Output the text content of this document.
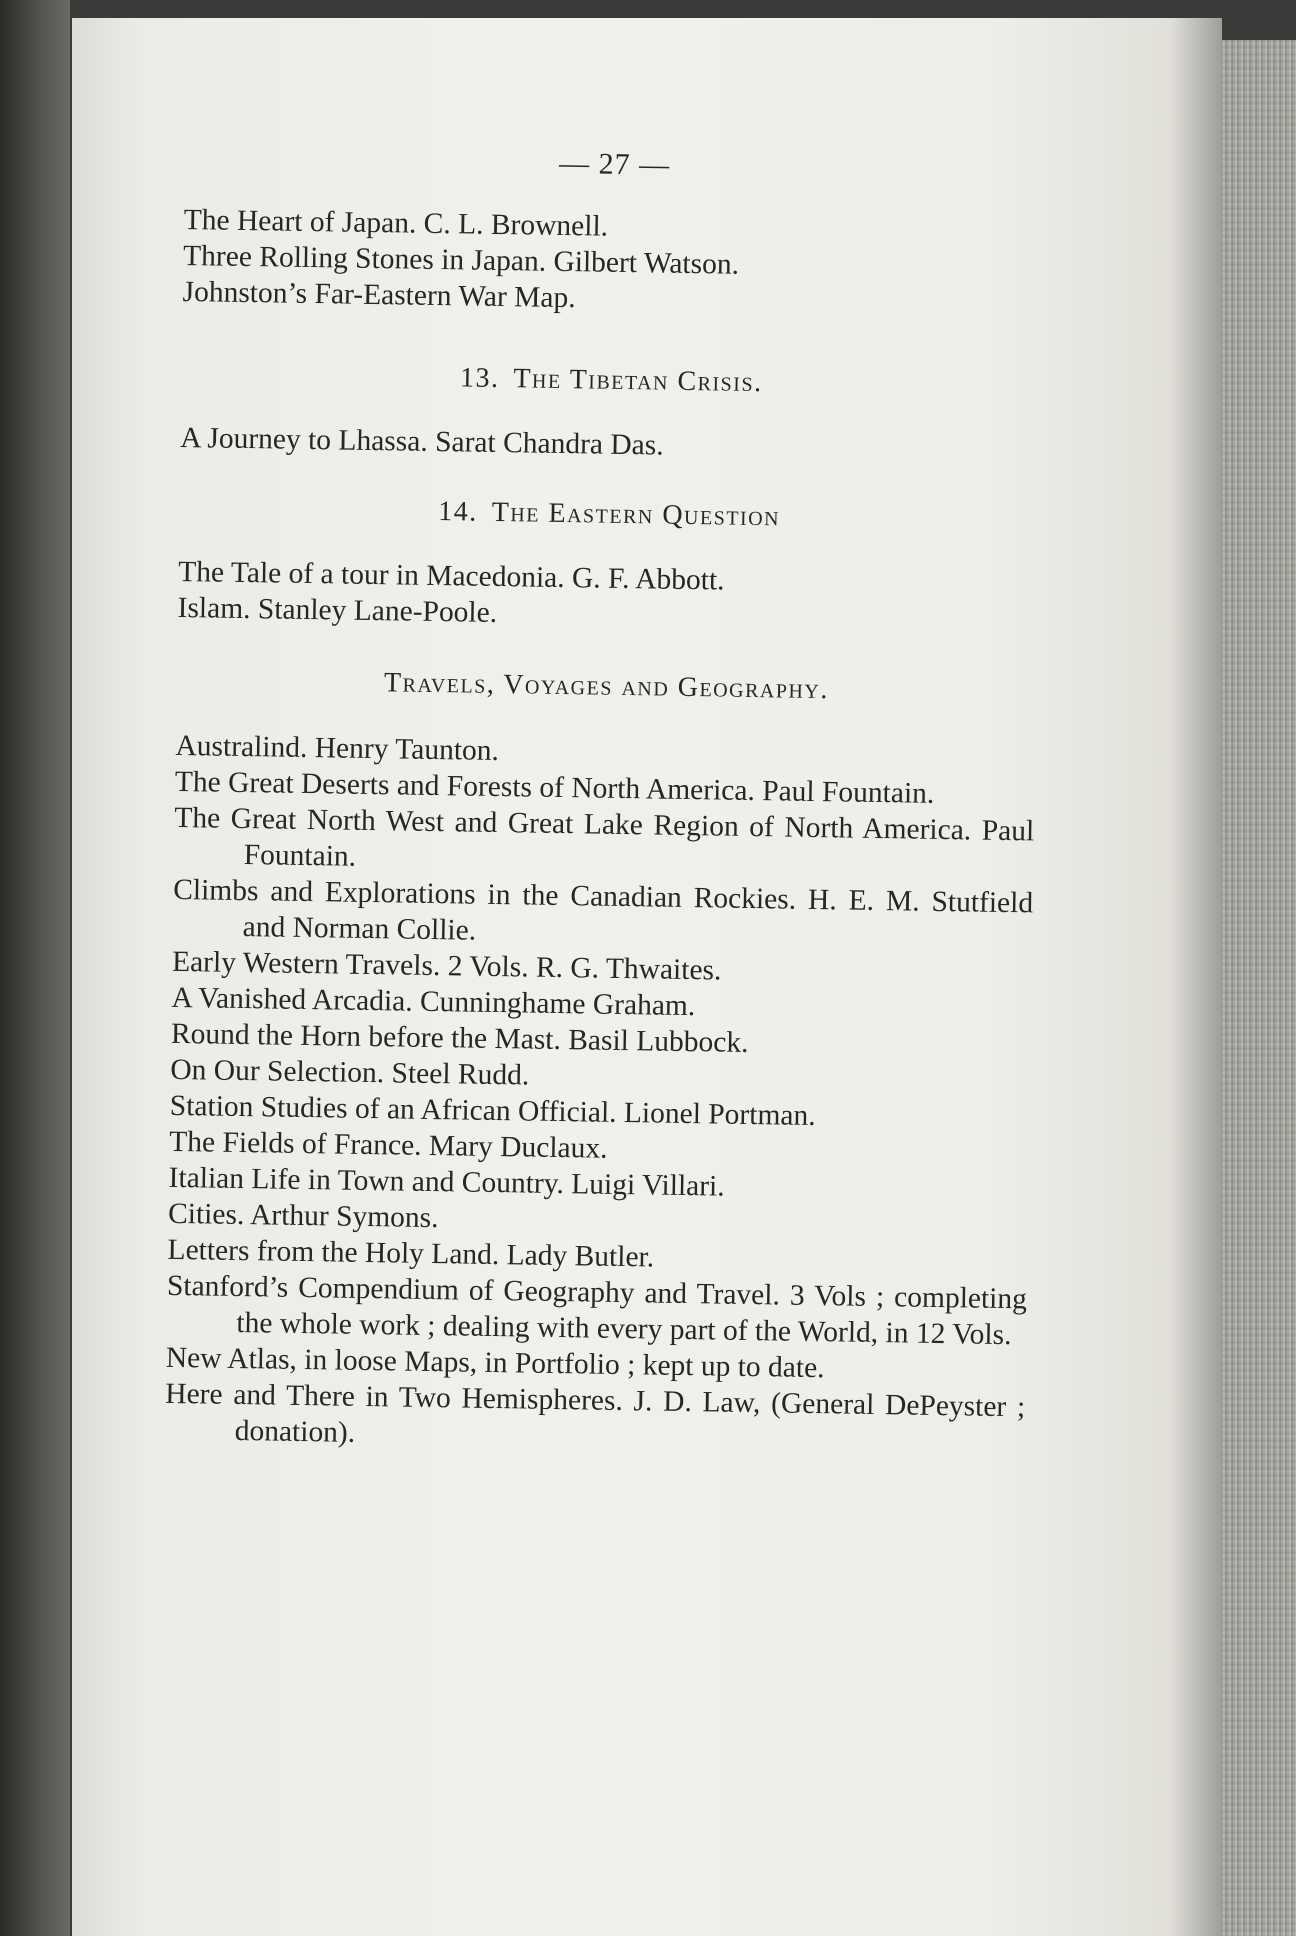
— 27 —

The Heart of Japan. C. L. Brownell.

Three Rolling Stones in Japan. Gilbert Watson.

Johnston’s Far-Eastern War Map.

13. The Tibetan Crisis.

A Journey to Lhassa. Sarat Chandra Das.

14. The Eastern Question

The Tale of a tour in Macedonia. G. F. Abbott.

Islam. Stanley Lane-Poole.

Travels, Voyages and Geography.

Australind. Henry Taunton.

The Great Deserts and Forests of North America. Paul Fountain.

The Great North West and Great Lake Region of North America. Paul Fountain.

Climbs and Explorations in the Canadian Rockies. H. E. M. Stutfield and Norman Collie.

Early Western Travels. 2 Vols. R. G. Thwaites.

A Vanished Arcadia. Cunninghame Graham.

Round the Horn before the Mast. Basil Lubbock.

On Our Selection. Steel Rudd.

Station Studies of an African Official. Lionel Portman.

The Fields of France. Mary Duclaux.

Italian Life in Town and Country. Luigi Villari.

Cities. Arthur Symons.

Letters from the Holy Land. Lady Butler.

Stanford’s Compendium of Geography and Travel. 3 Vols ; completing the whole work ; dealing with every part of the World, in 12 Vols.

New Atlas, in loose Maps, in Portfolio ; kept up to date.

Here and There in Two Hemispheres. J. D. Law, (General DePeyster ; donation).
